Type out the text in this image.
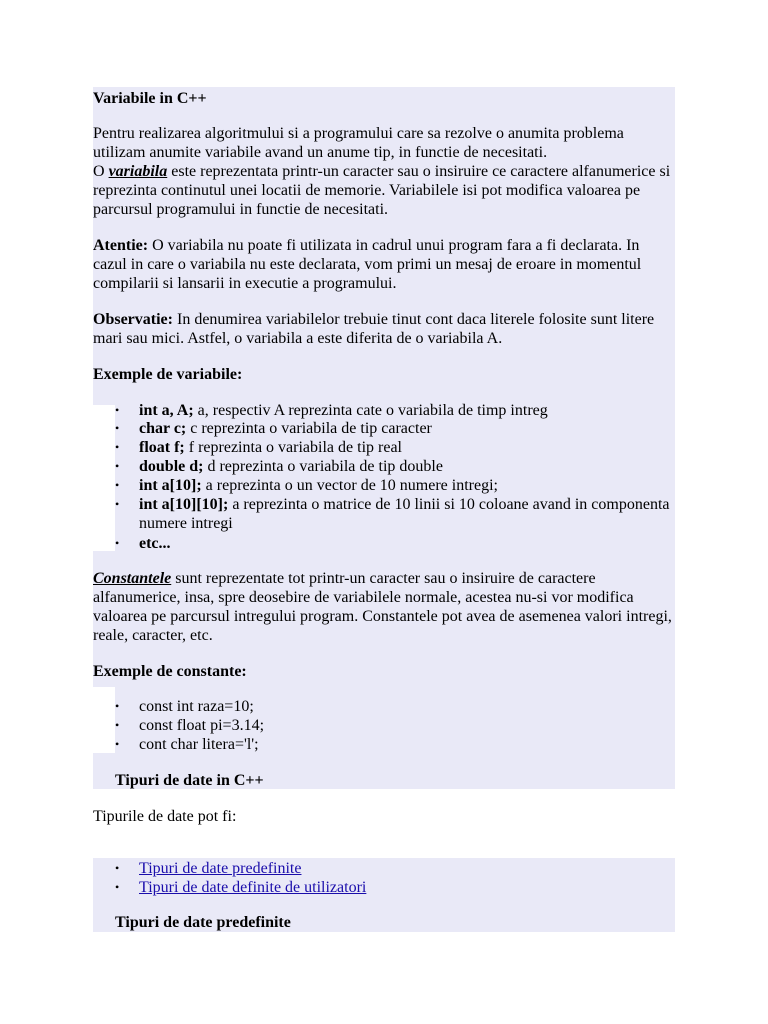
Variabile in C++
Pentru realizarea algoritmului si a programului care sa rezolve o anumita problema utilizam anumite variabile avand un anume tip, in functie de necesitati.
O variabila este reprezentata printr-un caracter sau o insiruire ce caractere alfanumerice si reprezinta continutul unei locatii de memorie. Variabilele isi pot modifica valoarea pe parcursul programului in functie de necesitati.
Atentie: O variabila nu poate fi utilizata in cadrul unui program fara a fi declarata. In cazul in care o variabila nu este declarata, vom primi un mesaj de eroare in momentul compilarii si lansarii in executie a programului.
Observatie: In denumirea variabilelor trebuie tinut cont daca literele folosite sunt litere mari sau mici. Astfel, o variabila a este diferita de o variabila A.
Exemple de variabile:
• int a, A; a, respectiv A reprezinta cate o variabila de timp intreg
• char c; c reprezinta o variabila de tip caracter
• float f; f reprezinta o variabila de tip real
• double d; d reprezinta o variabila de tip double
• int a[10]; a reprezinta o un vector de 10 numere intregi;
• int a[10][10]; a reprezinta o matrice de 10 linii si 10 coloane avand in componenta numere intregi
• etc...
Constantele sunt reprezentate tot printr-un caracter sau o insiruire de caractere alfanumerice, insa, spre deosebire de variabilele normale, acestea nu-si vor modifica valoarea pe parcursul intregului program. Constantele pot avea de asemenea valori intregi, reale, caracter, etc.
Exemple de constante:
• const int raza=10;
• const float pi=3.14;
• cont char litera='l';
Tipuri de date in C++
Tipurile de date pot fi:
• Tipuri de date predefinite
• Tipuri de date definite de utilizatori
Tipuri de date predefinite
